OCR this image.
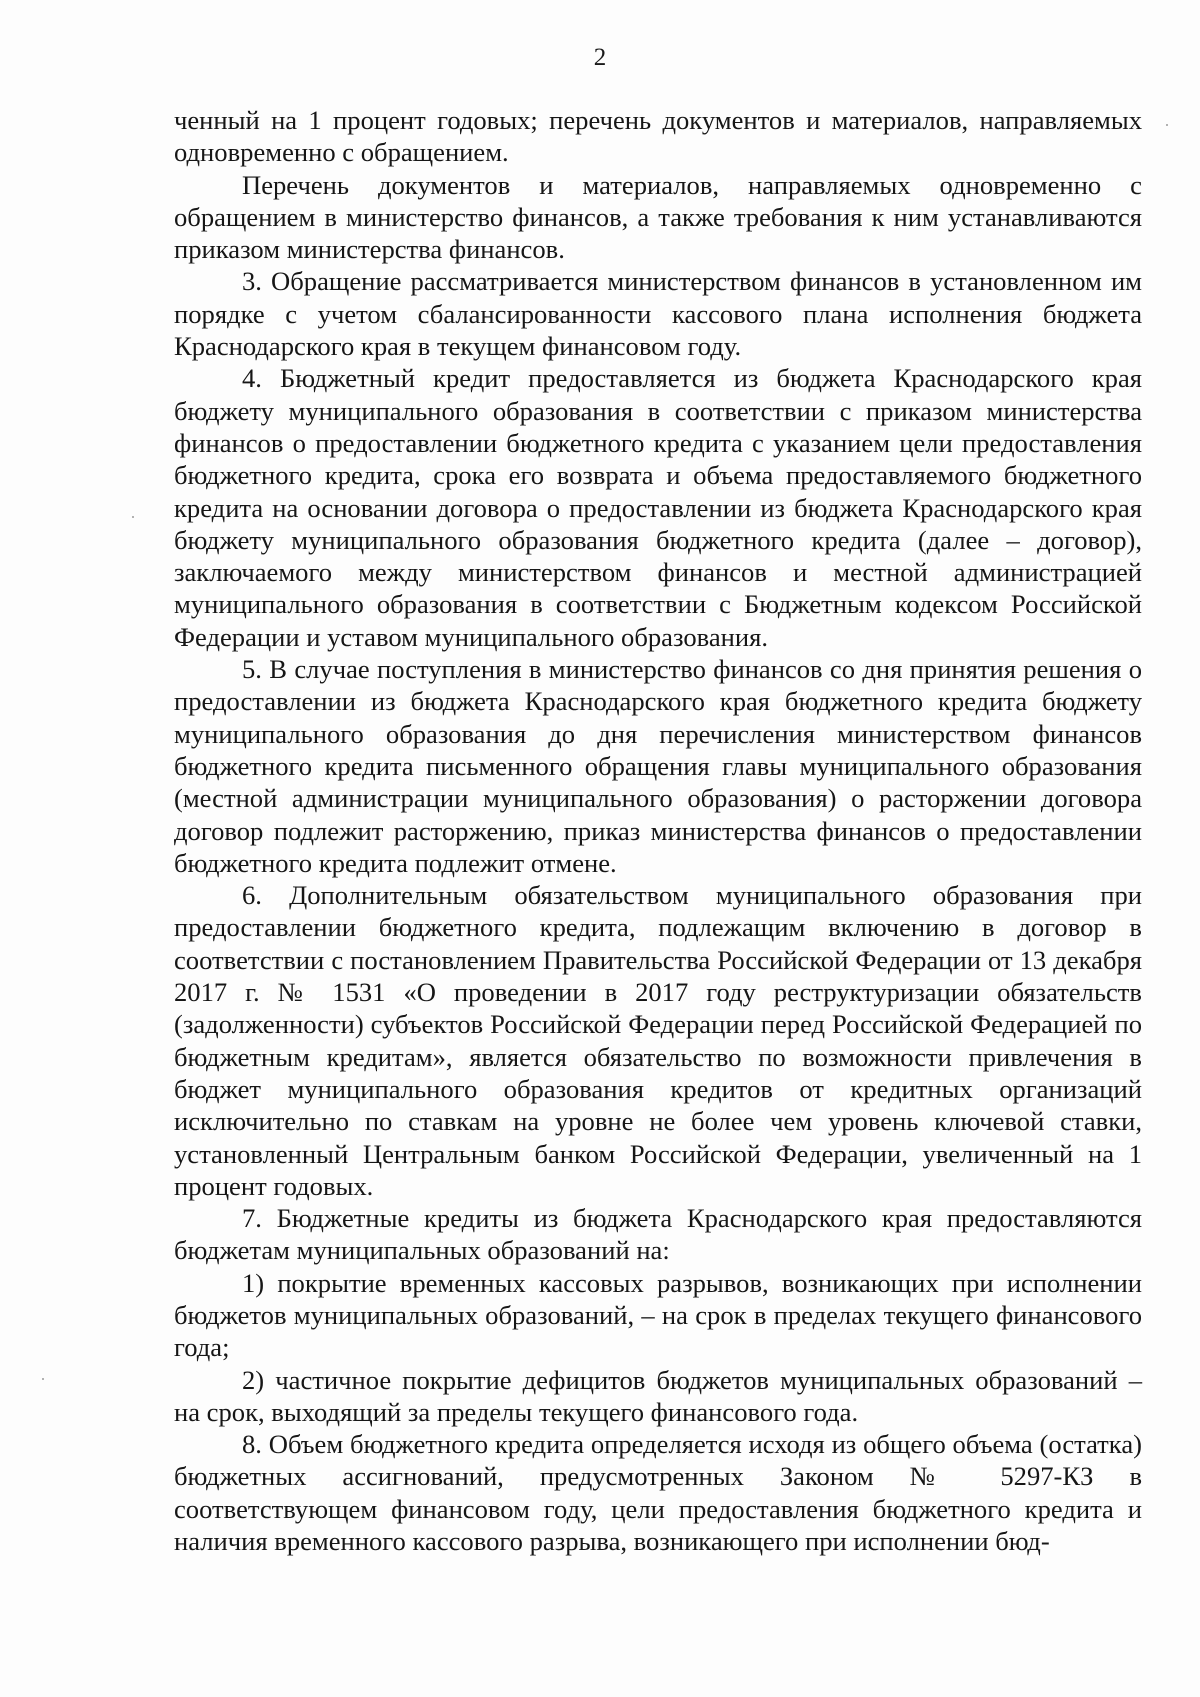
2

ченный на 1 процент годовых; перечень документов и материалов, направляемых одновременно с обращением.

Перечень документов и материалов, направляемых одновременно с обращением в министерство финансов, а также требования к ним устанавливаются приказом министерства финансов.

3. Обращение рассматривается министерством финансов в установленном им порядке с учетом сбалансированности кассового плана исполнения бюджета Краснодарского края в текущем финансовом году.

4. Бюджетный кредит предоставляется из бюджета Краснодарского края бюджету муниципального образования в соответствии с приказом министерства финансов о предоставлении бюджетного кредита с указанием цели предоставления бюджетного кредита, срока его возврата и объема предоставляемого бюджетного кредита на основании договора о предоставлении из бюджета Краснодарского края бюджету муниципального образования бюджетного кредита (далее – договор), заключаемого между министерством финансов и местной администрацией муниципального образования в соответствии с Бюджетным кодексом Российской Федерации и уставом муниципального образования.

5. В случае поступления в министерство финансов со дня принятия решения о предоставлении из бюджета Краснодарского края бюджетного кредита бюджету муниципального образования до дня перечисления министерством финансов бюджетного кредита письменного обращения главы муниципального образования (местной администрации муниципального образования) о расторжении договора договор подлежит расторжению, приказ министерства финансов о предоставлении бюджетного кредита подлежит отмене.

6. Дополнительным обязательством муниципального образования при предоставлении бюджетного кредита, подлежащим включению в договор в соответствии с постановлением Правительства Российской Федерации от 13 декабря 2017 г. № 1531 «О проведении в 2017 году реструктуризации обязательств (задолженности) субъектов Российской Федерации перед Российской Федерацией по бюджетным кредитам», является обязательство по возможности привлечения в бюджет муниципального образования кредитов от кредитных организаций исключительно по ставкам на уровне не более чем уровень ключевой ставки, установленный Центральным банком Российской Федерации, увеличенный на 1 процент годовых.

7. Бюджетные кредиты из бюджета Краснодарского края предоставляются бюджетам муниципальных образований на:

1) покрытие временных кассовых разрывов, возникающих при исполнении бюджетов муниципальных образований, – на срок в пределах текущего финансового года;

2) частичное покрытие дефицитов бюджетов муниципальных образований – на срок, выходящий за пределы текущего финансового года.

8. Объем бюджетного кредита определяется исходя из общего объема (остатка) бюджетных ассигнований, предусмотренных Законом № 5297-КЗ в соответствующем финансовом году, цели предоставления бюджетного кредита и наличия временного кассового разрыва, возникающего при исполнении бюд-
